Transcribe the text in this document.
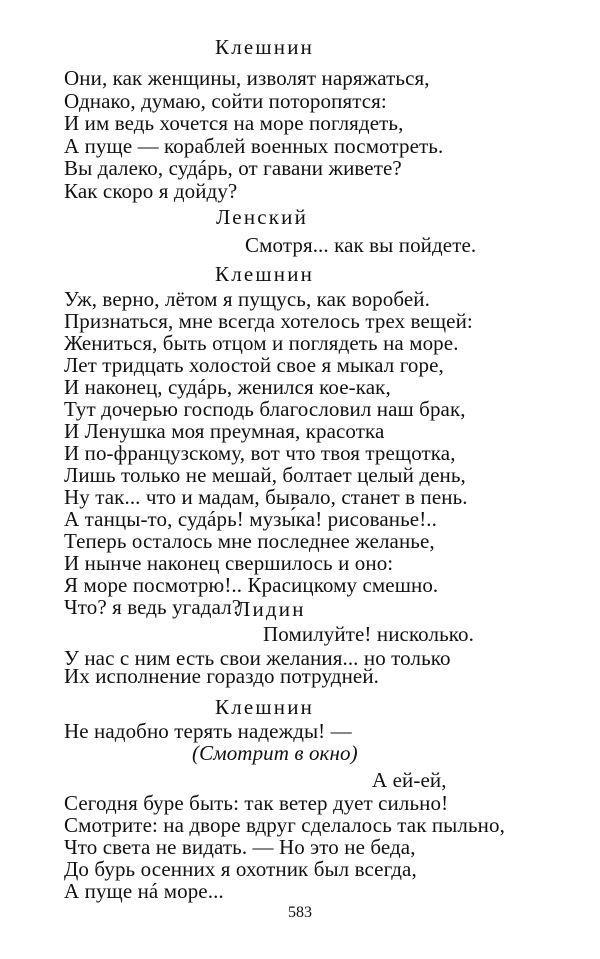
Клешнин
Они, как женщины, изволят наряжаться,
Однако, думаю, сойти поторопятся:
И им ведь хочется на море поглядеть,
А пуще — кораблей военных посмотреть.
Вы далеко, судáрь, от гавани живете?
Как скоро я дойду?
Ленский
Смотря... как вы пойдете.
Клешнин
Уж, верно, лётом я пущусь, как воробей.
Признаться, мне всегда хотелось трех вещей:
Жениться, быть отцом и поглядеть на море.
Лет тридцать холостой свое я мыкал горе,
И наконец, судáрь, женился кое-как,
Тут дочерью господь благословил наш брак,
И Ленушка моя преумная, красотка
И по-французскому, вот что твоя трещотка,
Лишь только не мешай, болтает целый день,
Ну так... что и мадам, бывало, станет в пень.
А танцы-то, судáрь! музы́ка! рисованье!..
Теперь осталось мне последнее желанье,
И нынче наконец свершилось и оно:
Я море посмотрю!.. Красицкому смешно.
Что? я ведь угадал?
Лидин
Помилуйте! нисколько.
У нас с ним есть свои желания... но только
Их исполнение гораздо потрудней.
Клешнин
Не надобно терять надежды! —
(Смотрит в окно)
А ей-ей,
Сегодня буре быть: так ветер дует сильно!
Смотрите: на дворе вдруг сделалось так пыльно,
Что света не видать. — Но это не беда,
До бурь осенних я охотник был всегда,
А пуще нá море...
583
